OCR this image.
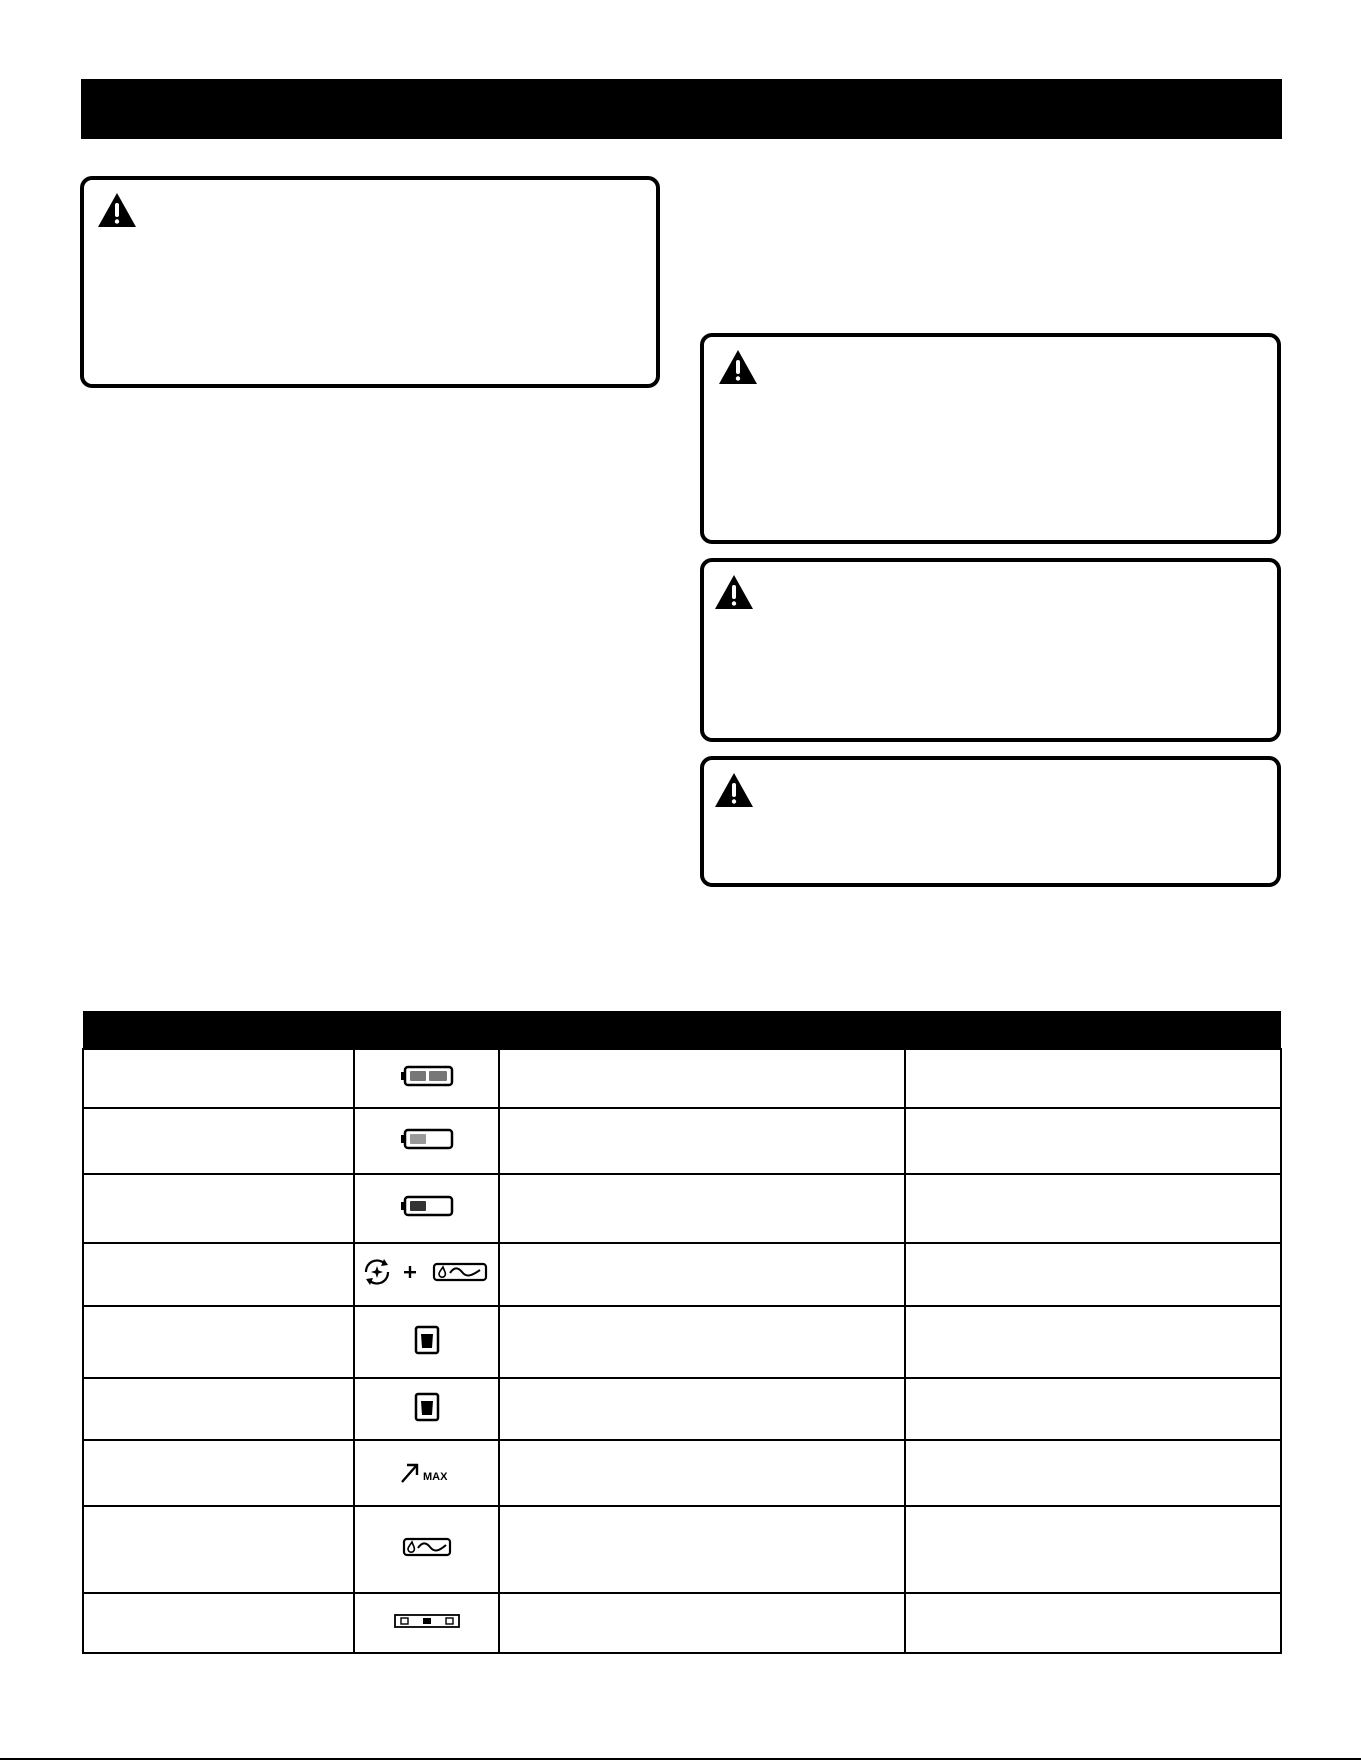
MAX		
